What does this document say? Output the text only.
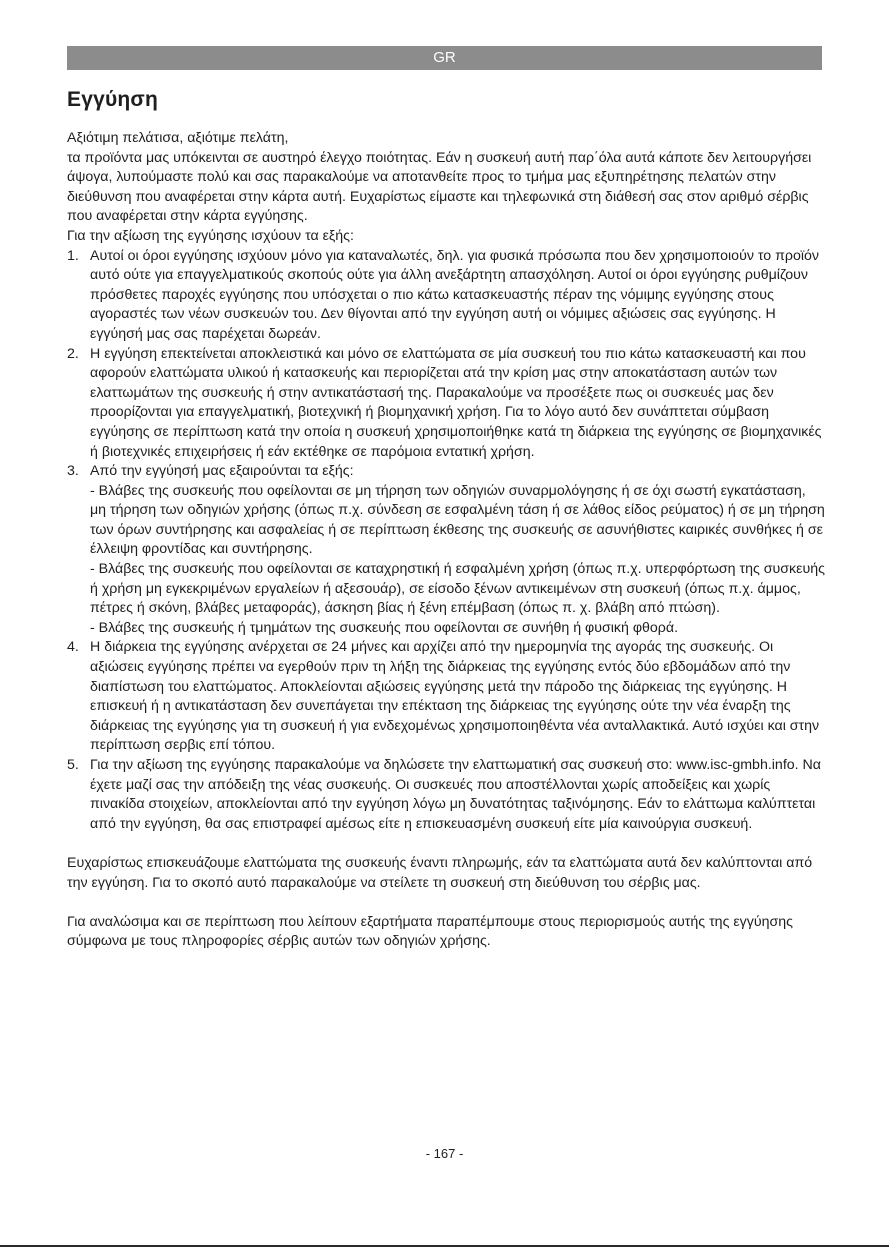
GR
Εγγύηση

Αξιότιμη πελάτισα, αξιότιμε πελάτη,

τα προϊόντα μας υπόκεινται σε αυστηρό έλεγχο ποιότητας. Εάν η συσκευή αυτή παρ΄όλα αυτά κάποτε δεν λειτουργήσει άψογα, λυπούμαστε πολύ και σας παρακαλούμε να αποτανθείτε προς το τμήμα μας εξυπηρέτησης πελατών στην διεύθυνση που αναφέρεται στην κάρτα αυτή. Ευχαρίστως είμαστε και τηλεφωνικά στη διάθεσή σας στον αριθμό σέρβις που αναφέρεται στην κάρτα εγγύησης.

Για την αξίωση της εγγύησης ισχύουν τα εξής:

1. Αυτοί οι όροι εγγύησης ισχύουν μόνο για καταναλωτές, δηλ. για φυσικά πρόσωπα που δεν χρησιμοποιούν το προϊόν αυτό ούτε για επαγγελματικούς σκοπούς ούτε για άλλη ανεξάρτητη απασχόληση. Αυτοί οι όροι εγγύησης ρυθμίζουν πρόσθετες παροχές εγγύησης που υπόσχεται ο πιο κάτω κατασκευαστής πέραν της νόμιμης εγγύησης στους αγοραστές των νέων συσκευών του. Δεν θίγονται από την εγγύηση αυτή οι νόμιμες αξιώσεις σας εγγύησης. Η εγγύησή μας σας παρέχεται δωρεάν.
2. Η εγγύηση επεκτείνεται αποκλειστικά και μόνο σε ελαττώματα σε μία συσκευή του πιο κάτω κατασκευαστή και που αφορούν ελαττώματα υλικού ή κατασκευής και περιορίζεται ατά την κρίση μας στην αποκατάσταση αυτών των ελαττωμάτων της συσκευής ή στην αντικατάστασή της. Παρακαλούμε να προσέξετε πως οι συσκευές μας δεν προορίζονται για επαγγελματική, βιοτεχνική ή βιομηχανική χρήση. Για το λόγο αυτό δεν συνάπτεται σύμβαση εγγύησης σε περίπτωση κατά την οποία η συσκευή χρησιμοποιήθηκε κατά τη διάρκεια της εγγύησης σε βιομηχανικές ή βιοτεχνικές επιχειρήσεις ή εάν εκτέθηκε σε παρόμοια εντατική χρήση.
3. Από την εγγύησή μας εξαιρούνται τα εξής:
- Βλάβες της συσκευής που οφείλονται σε μη τήρηση των οδηγιών συναρμολόγησης ή σε όχι σωστή εγκατάσταση, μη τήρηση των οδηγιών χρήσης (όπως π.χ. σύνδεση σε εσφαλμένη τάση ή σε λάθος είδος ρεύματος) ή σε μη τήρηση των όρων συντήρησης και ασφαλείας ή σε περίπτωση έκθεσης της συσκευής σε ασυνήθιστες καιρικές συνθήκες ή σε έλλειψη φροντίδας και συντήρησης.
- Βλάβες της συσκευής που οφείλονται σε καταχρηστική ή εσφαλμένη χρήση (όπως π.χ. υπερφόρτωση της συσκευής ή χρήση μη εγκεκριμένων εργαλείων ή αξεσουάρ), σε είσοδο ξένων αντικειμένων στη συσκευή (όπως π.χ. άμμος, πέτρες ή σκόνη, βλάβες μεταφοράς), άσκηση βίας ή ξένη επέμβαση (όπως π. χ. βλάβη από πτώση).
- Βλάβες της συσκευής ή τμημάτων της συσκευής που οφείλονται σε συνήθη ή φυσική φθορά.
4. Η διάρκεια της εγγύησης ανέρχεται σε 24 μήνες και αρχίζει από την ημερομηνία της αγοράς της συσκευής. Οι αξιώσεις εγγύησης πρέπει να εγερθούν πριν τη λήξη της διάρκειας της εγγύησης εντός δύο εβδομάδων από την διαπίστωση του ελαττώματος. Αποκλείονται αξιώσεις εγγύησης μετά την πάροδο της διάρκειας της εγγύησης. Η επισκευή ή η αντικατάσταση δεν συνεπάγεται την επέκταση της διάρκειας της εγγύησης ούτε την νέα έναρξη της διάρκειας της εγγύησης για τη συσκευή ή για ενδεχομένως χρησιμοποιηθέντα νέα ανταλλακτικά. Αυτό ισχύει και στην περίπτωση σερβις επί τόπου.
5. Για την αξίωση της εγγύησης παρακαλούμε να δηλώσετε την ελαττωματική σας συσκευή στο: www.isc-gmbh.info. Να έχετε μαζί σας την απόδειξη της νέας συσκευής. Οι συσκευές που αποστέλλονται χωρίς αποδείξεις και χωρίς πινακίδα στοιχείων, αποκλείονται από την εγγύηση λόγω μη δυνατότητας ταξινόμησης. Εάν το ελάττωμα καλύπτεται από την εγγύηση, θα σας επιστραφεί αμέσως είτε η επισκευασμένη συσκευή είτε μία καινούργια συσκευή.

Ευχαρίστως επισκευάζουμε ελαττώματα της συσκευής έναντι πληρωμής, εάν τα ελαττώματα αυτά δεν καλύπτονται από την εγγύηση. Για το σκοπό αυτό παρακαλούμε να στείλετε τη συσκευή στη διεύθυνση του σέρβις μας.

Για αναλώσιμα και σε περίπτωση που λείπουν εξαρτήματα παραπέμπουμε στους περιορισμούς αυτής της εγγύησης σύμφωνα με τους πληροφορίες σέρβις αυτών των οδηγιών χρήσης.

- 167 -
